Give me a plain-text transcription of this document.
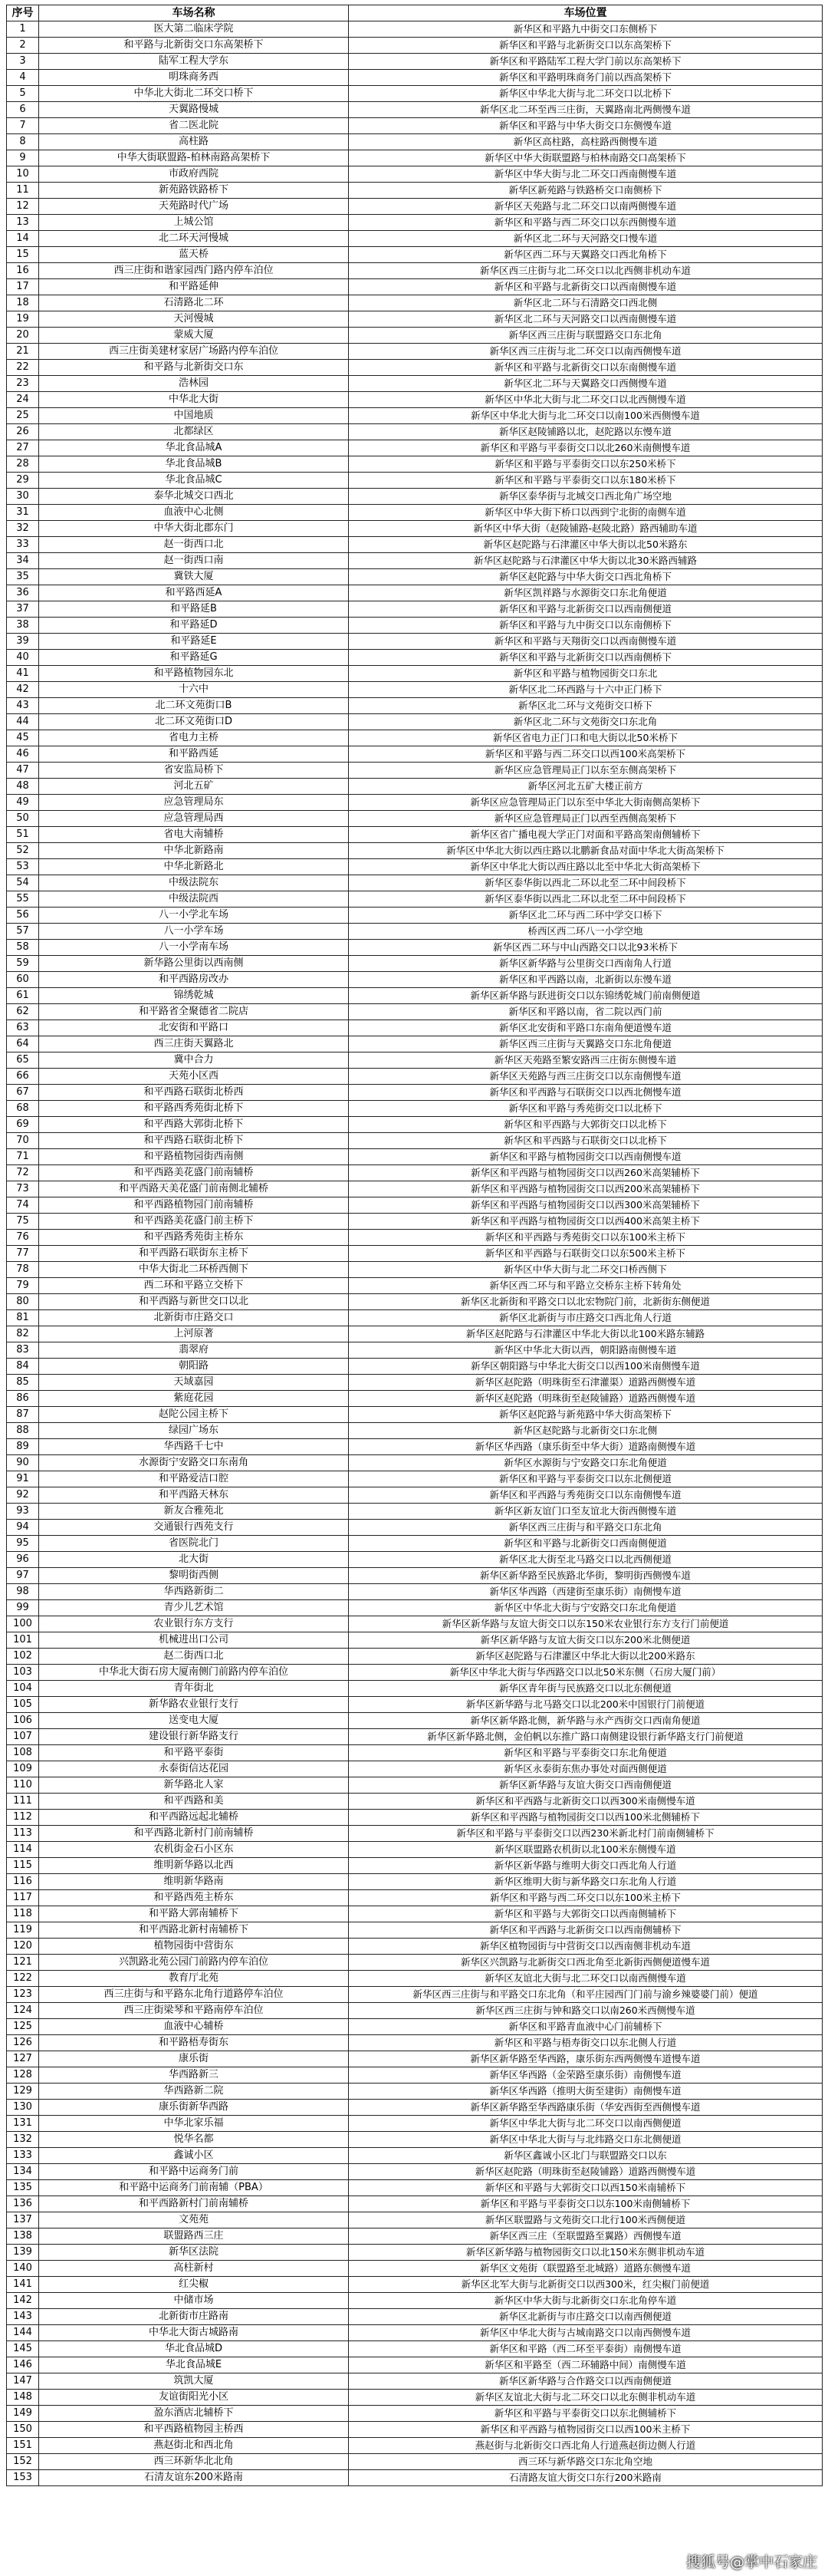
序号	车场名称	车场位置
1	医大第二临床学院	新华区和平路九中街交口东侧桥下
2	和平路与北新街交口东高架桥下	新华区和平路与北新街交口以东高架桥下
3	陆军工程大学东	新华区和平路陆军工程大学门前以东高架桥下
4	明珠商务西	新华区和平路明珠商务门前以西高架桥下
5	中华北大街北二环交口桥下	新华区中华北大街与北二环交口以北桥下
6	天翼路慢城	新华区北二环至西三庄街，天翼路南北两侧慢车道
7	省二医北院	新华区和平路与中华大街交口东侧慢车道
8	高柱路	新华区高柱路，高柱路西侧慢车道
9	中华大街联盟路-柏林南路高架桥下	新华区中华大街联盟路与柏林南路交口高架桥下
10	市政府西院	新华区中华大街与北二环交口西南侧慢车道
11	新苑路铁路桥下	新华区新苑路与铁路桥交口南侧桥下
12	天苑路时代广场	新华区天苑路与北二环交口以南两侧慢车道
13	上城公馆	新华区和平路与西二环交口以东西侧慢车道
14	北二环天河慢城	新华区北二环与天河路交口慢车道
15	蓝天桥	新华区西二环与天翼路交口西北角桥下
16	西三庄街和谐家园西门路内停车泊位	新华区西三庄街与北二环交口以北西侧非机动车道
17	和平路延伸	新华区和平路与北新街交口以西南侧慢车道
18	石清路北二环	新华区北二环与石清路交口西北侧
19	天河慢城	新华区北二环与天河路交口以西南侧慢车道
20	蒙威大厦	新华区西三庄街与联盟路交口东北角
21	西三庄街美建材家居广场路内停车泊位	新华区西三庄街与北二环交口以南西侧慢车道
22	和平路与北新街交口东	新华区和平路与北新街交口以东南侧慢车道
23	浩林园	新华区北二环与天翼路交口西侧慢车道
24	中华北大街	新华区中华北大街与北二环交口以北西侧慢车道
25	中国地质	新华区中华北大街与北二环交口以南100米西侧慢车道
26	北都绿区	新华区赵陵铺路以北，赵陀路以东慢车道
27	华北食品城A	新华区和平路与平泰街交口以北260米南侧慢车道
28	华北食品城B	新华区和平路与平泰街交口以东250米桥下
29	华北食品城C	新华区和平路与平泰街交口以东180米桥下
30	泰华北城交口西北	新华区泰华街与北城交口西北角广场空地
31	血液中心北侧	新华区中华大街下桥口以西到宁北街的南侧车道
32	中华大街北郡东门	新华区中华大街（赵陵铺路-赵陵北路）路西辅助车道
33	赵一街西口北	新华区赵陀路与石津灌区中华大街以北50米路东
34	赵一街西口南	新华区赵陀路与石津灌区中华大街以北30米路西辅路
35	冀铁大厦	新华区赵陀路与中华大街交口西北角桥下
36	和平路西延A	新华区凯祥路与水源街交口东北角便道
37	和平路延B	新华区和平路与北新街交口以西南侧便道
38	和平路延D	新华区和平路与九中街交口以东南侧桥下
39	和平路延E	新华区和平路与天翔街交口以西南侧慢车道
40	和平路延G	新华区和平路与北新街交口以西南侧桥下
41	和平路植物园东北	新华区和平路与植物园街交口东北
42	十六中	新华区北二环西路与十六中正门桥下
43	北二环文苑街口B	新华区北二环与文苑街交口桥下
44	北二环文苑街口D	新华区北二环与文苑街交口东北角
45	省电力主桥	新华区省电力正门口和电大街以北50米桥下
46	和平路西延	新华区和平路与西二环交口以西100米高架桥下
47	省安监局桥下	新华区应急管理局正门以东至东侧高架桥下
48	河北五矿	新华区河北五矿大楼正前方
49	应急管理局东	新华区应急管理局正门以东至中华北大街南侧高架桥下
50	应急管理局西	新华区应急管理局正门以西至西侧高架桥下
51	省电大南辅桥	新华区省广播电视大学正门对面和平路高架南侧辅桥下
52	中华北新路南	新华区中华北大街以西庄路以北鹏新食品对面中华北大街高架桥下
53	中华北新路北	新华区中华北大街以西庄路以北至中华北大街高架桥下
54	中级法院东	新华区泰华街以西北二环以北至二环中间段桥下
55	中级法院西	新华区泰华街以西北二环以北至二环中间段桥下
56	八一小学北车场	新华区北二环与西二环中学交口桥下
57	八一小学车场	桥西区西二环八一小学空地
58	八一小学南车场	新华区西二环与中山西路交口以北93米桥下
59	新华路公里街以西南侧	新华区新华路与公里街交口西南角人行道
60	和平西路房改办	新华区和平西路以南，北新街以东慢车道
61	锦绣乾城	新华区新华路与跃进街交口以东锦绣乾城门前南侧便道
62	和平路省全聚德省二院店	新华区和平路以南，省二院以西门前
63	北安街和平路口	新华区北安街和平路口东南角便道慢车道
64	西三庄街天翼路北	新华区西三庄街与天翼路交口东北角便道
65	冀中合力	新华区天苑路至繁安路西三庄街东侧慢车道
66	天苑小区西	新华区天苑路与西三庄街交口以东南侧慢车道
67	和平西路石联街北桥西	新华区和平西路与石联街交口以西北侧慢车道
68	和平路西秀苑街北桥下	新华区和平路与秀苑街交口以北桥下
69	和平西路大郭街北桥下	新华区和平西路与大郭街交口以北桥下
70	和平西路石联街北桥下	新华区和平西路与石联街交口以北桥下
71	和平路植物园街西南侧	新华区和平路与植物园街交口以西南侧慢车道
72	和平西路美花盛门前南辅桥	新华区和平西路与植物园街交口以西260米高架辅桥下
73	和平西路天美花盛门前南侧北辅桥	新华区和平西路与植物园街交口以西200米高架辅桥下
74	和平西路植物园门前南辅桥	新华区和平西路与植物园街交口以西300米高架辅桥下
75	和平西路美花盛门前主桥下	新华区和平西路与植物园街交口以西400米高架主桥下
76	和平西路秀苑街主桥东	新华区和平西路与秀苑街交口以东100米主桥下
77	和平西路石联街东主桥下	新华区和平西路与石联街交口以东500米主桥下
78	中华大街北二环桥西侧下	新华区中华大街与北二环交口桥西侧下
79	西二环和平路立交桥下	新华区西二环与和平路立交桥东主桥下转角处
80	和平西路与新世交口以北	新华区北新街和平路交口以北宏物院门前，北新街东侧便道
81	北新街市庄路交口	新华区北新街与市庄路交口西北角人行道
82	上河原著	新华区赵陀路与石津灌区中华北大街以北100米路东辅路
83	翡翠府	新华区中华北大街以西，朝阳路南侧慢车道
84	朝阳路	新华区朝阳路与中华北大街交口以西100米南侧慢车道
85	天域嘉园	新华区赵陀路（明珠街至石津灌渠）道路西侧慢车道
86	紫庭花园	新华区赵陀路（明珠街至赵陵铺路）道路西侧慢车道
87	赵陀公园主桥下	新华区赵陀路与新苑路中华大街高架桥下
88	绿园广场东	新华区赵陀路与北新街交口东北侧
89	华西路千七中	新华区华西路（康乐街至中华大街）道路南侧慢车道
90	水源街宁安路交口东南角	新华区水源街与宁安路交口东北角便道
91	和平路爱洁口腔	新华区和平路与平泰街交口以东北侧便道
92	和平西路天林东	新华区和平西路与秀苑街交口以东南侧慢车道
93	新友合雅苑北	新华区新友谊门口至友谊北大街西侧慢车道
94	交通银行西苑支行	新华区西三庄街与和平路交口东北角
95	省医院北门	新华区和平路与北新街交口西南侧便道
96	北大街	新华区北大街至北马路交口以北西侧便道
97	黎明街西侧	新华区新华路至民族路北华街，黎明街西侧慢车道
98	华西路新街二	新华区华西路（西建街至康乐街）南侧慢车道
99	青少儿艺术馆	新华区中华北大街与宁安路交口东北角便道
100	农业银行东方支行	新华区新华路与友谊大街交口以东150米农业银行东方支行门前便道
101	机械进出口公司	新华区新华路与友谊大街交口以东200米北侧便道
102	赵二街西口北	新华区赵陀路与石津灌区中华北大街以北200米路东
103	中华北大街石房大厦南侧门前路内停车泊位	新华区中华北大街与华西路交口以北50米东侧（石房大厦门前）
104	青年街北	新华区青年街与民族路交口以北东侧便道
105	新华路农业银行支行	新华区新华路与北马路交口以北200米中国银行门前便道
106	送变电大厦	新华区新华路北侧，新华路与永产西街交口西南角便道
107	建设银行新华路支行	新华区新华路北侧，金伯帆以东推广路口南侧建设银行新华路支行门前便道
108	和平路平泰街	新华区和平路与平泰街交口东北角便道
109	永泰街信达花园	新华区永泰街东焦办事处对面西侧便道
110	新华路北人家	新华区新华路与友谊大街交口西南侧便道
111	和平西路和美	新华区和平西路与北新街交口以西300米南侧慢车道
112	和平西路远起北辅桥	新华区和平西路与植物园街交口以西100米北侧辅桥下
113	和平西路北新村门前南辅桥	新华区和平路与平泰街交口以西230米新北村门前南侧辅桥下
114	农机街金石小区东	新华区联盟路农机街以北100米东侧慢车道
115	维明新华路以北西	新华区新华路与维明大街交口西北角人行道
116	维明新华路南	新华区维明大街与新华路交口东北角人行道
117	和平路西苑主桥东	新华区和平路与西二环交口以东100米主桥下
118	和平路大郭南辅桥下	新华区和平路与大郭街交口以西南侧辅桥下
119	和平西路北新村南辅桥下	新华区和平西路与北新街交口以西南侧辅桥下
120	植物园街中营街东	新华区植物园街与中营街交口以西南侧非机动车道
121	兴凯路北苑公园门前路内停车泊位	新华区兴凯路与北新街交口西北角至北新街西侧便道慢车道
122	教育厅北苑	新华区友谊北大街与北二环交口以南西侧慢车道
123	西三庄街与和平路东北角行道路停车泊位	新华区西三庄街与和平路交口东北角（和平庄园西门门前与渝乡辣婆婆门前）便道
124	西三庄街梁琴和平路南停车泊位	新华区西三庄街与钟和路交口以南260米西侧慢车道
125	血液中心辅桥	新华区和平路青血液中心门前辅桥下
126	和平路梧寿街东	新华区和平路与梧寿街交口以东北侧人行道
127	康乐街	新华区新华路至华西路，康乐街东西两侧慢车道慢车道
128	华西路新三	新华区华西路（金荣路至康乐街）南侧慢车道
129	华西路新二院	新华区华西路（推明大街至建街）南侧慢车道
130	康乐街新华西路	新华区新华路至华西路康乐街（华安西街至西侧慢车道
131	中华北家乐福	新华区中华北大街与北二环交口以南西侧便道
132	悦华名都	新华区中华北大街与与北纬路交口东北侧便道
133	鑫诚小区	新华区鑫诚小区北门与联盟路交口以东
134	和平路中运商务门前	新华区赵陀路（明珠街至赵陵铺路）道路西侧慢车道
135	和平路中运商务门前南辅（PBA）	新华区和平路与大郭街交口以西150米南辅桥下
136	和平西路新村门前南辅桥	新华区和平路与平泰街交口以东100米南侧辅桥下
137	文苑苑	新华区联盟路与文苑街交口北行100米西侧便道
138	联盟路西三庄	新华区西三庄（至联盟路至翼路）西侧慢车道
139	新华区法院	新华区新华路与植物园街交口以北150米东侧非机动车道
140	高柱新村	新华区文苑街（联盟路至北城路）道路东侧慢车道
141	红尖椒	新华区北军大街与北新街交口以西300米，红尖椒门前便道
142	中储市场	新华区中华大街与北新街交口东北角停车道
143	北新街市庄路南	新华区北新街与市庄路交口以南西侧便道
144	中华北大街古城路南	新华区中华北大街与古城南路交口以南西侧慢车道
145	华北食品城D	新华区和平路（西二环至平泰街）南侧慢车道
146	华北食品城E	新华区和平路至（西二环辅路中间）南侧慢车道
147	筑凯大厦	新华区新华路与合作路交口以西南侧便道
148	友谊街阳光小区	新华区友谊北大街与北二环交口以北东侧非机动车道
149	盈东酒店北辅桥下	新华区和平路与平泰街交口以东北侧辅桥下
150	和平西路植物园主桥西	新华区和平西路与植物园街交口以西100米主桥下
151	燕赵街北和西北角	燕赵街与北新街交口西北角人行道燕赵街边侧人行道
152	西三环新华北北角	西三环与新华路交口东北角空地
153	石清友谊东200米路南	石清路友谊大街交口东行200米路南
搜狐号@掌中石家庄
